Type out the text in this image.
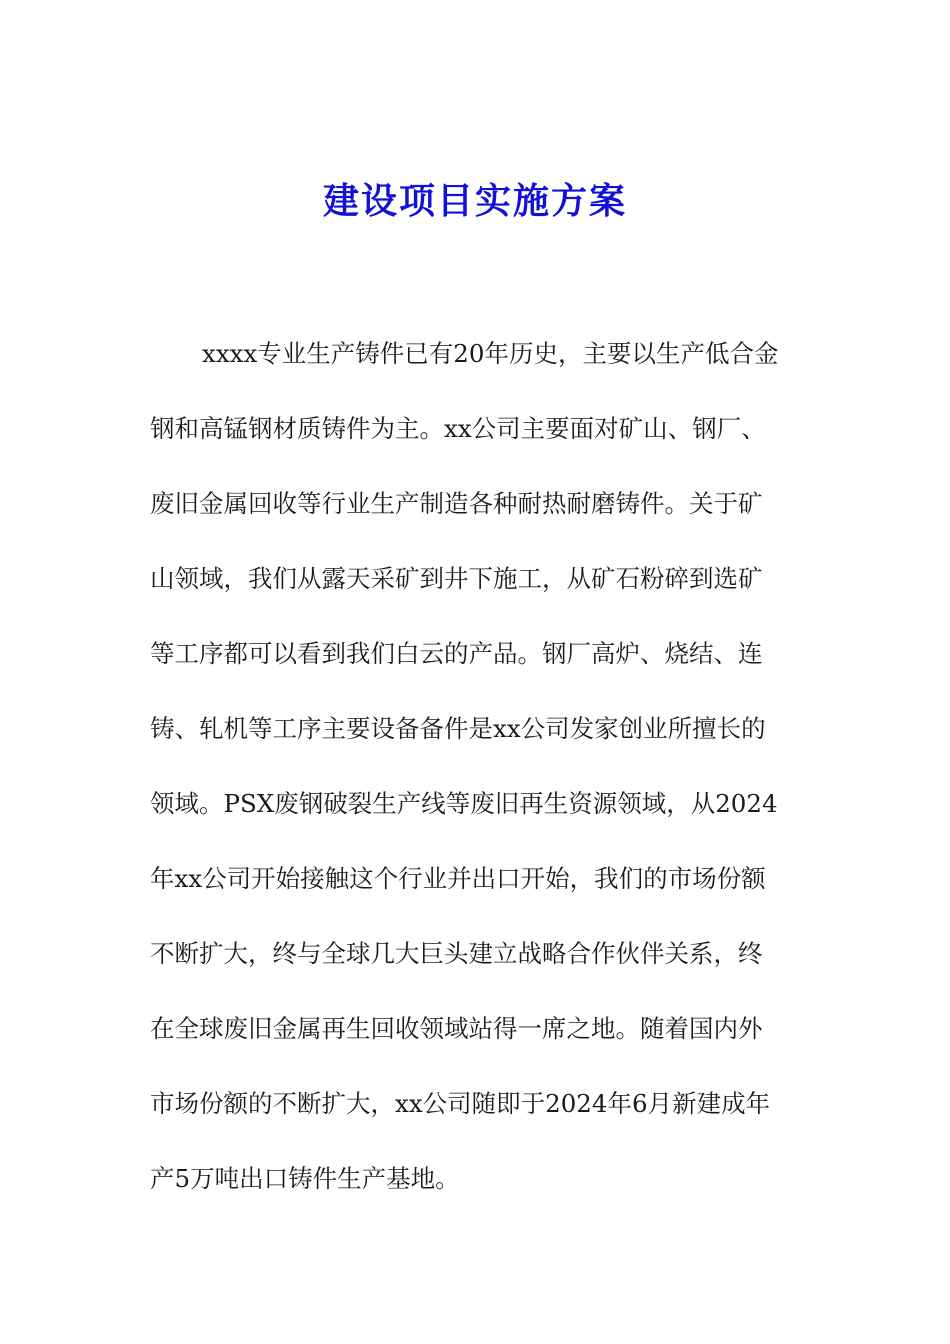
建设项目实施方案
xxxx专业生产铸件已有20年历史，主要以生产低合金
钢和高锰钢材质铸件为主。xx公司主要面对矿山、钢厂、
废旧金属回收等行业生产制造各种耐热耐磨铸件。关于矿
山领域，我们从露天采矿到井下施工，从矿石粉碎到选矿
等工序都可以看到我们白云的产品。钢厂高炉、烧结、连
铸、轧机等工序主要设备备件是xx公司发家创业所擅长的
领域。PSX废钢破裂生产线等废旧再生资源领域，从2024
年xx公司开始接触这个行业并出口开始，我们的市场份额
不断扩大，终与全球几大巨头建立战略合作伙伴关系，终
在全球废旧金属再生回收领域站得一席之地。随着国内外
市场份额的不断扩大，xx公司随即于2024年6月新建成年
产5万吨出口铸件生产基地。
